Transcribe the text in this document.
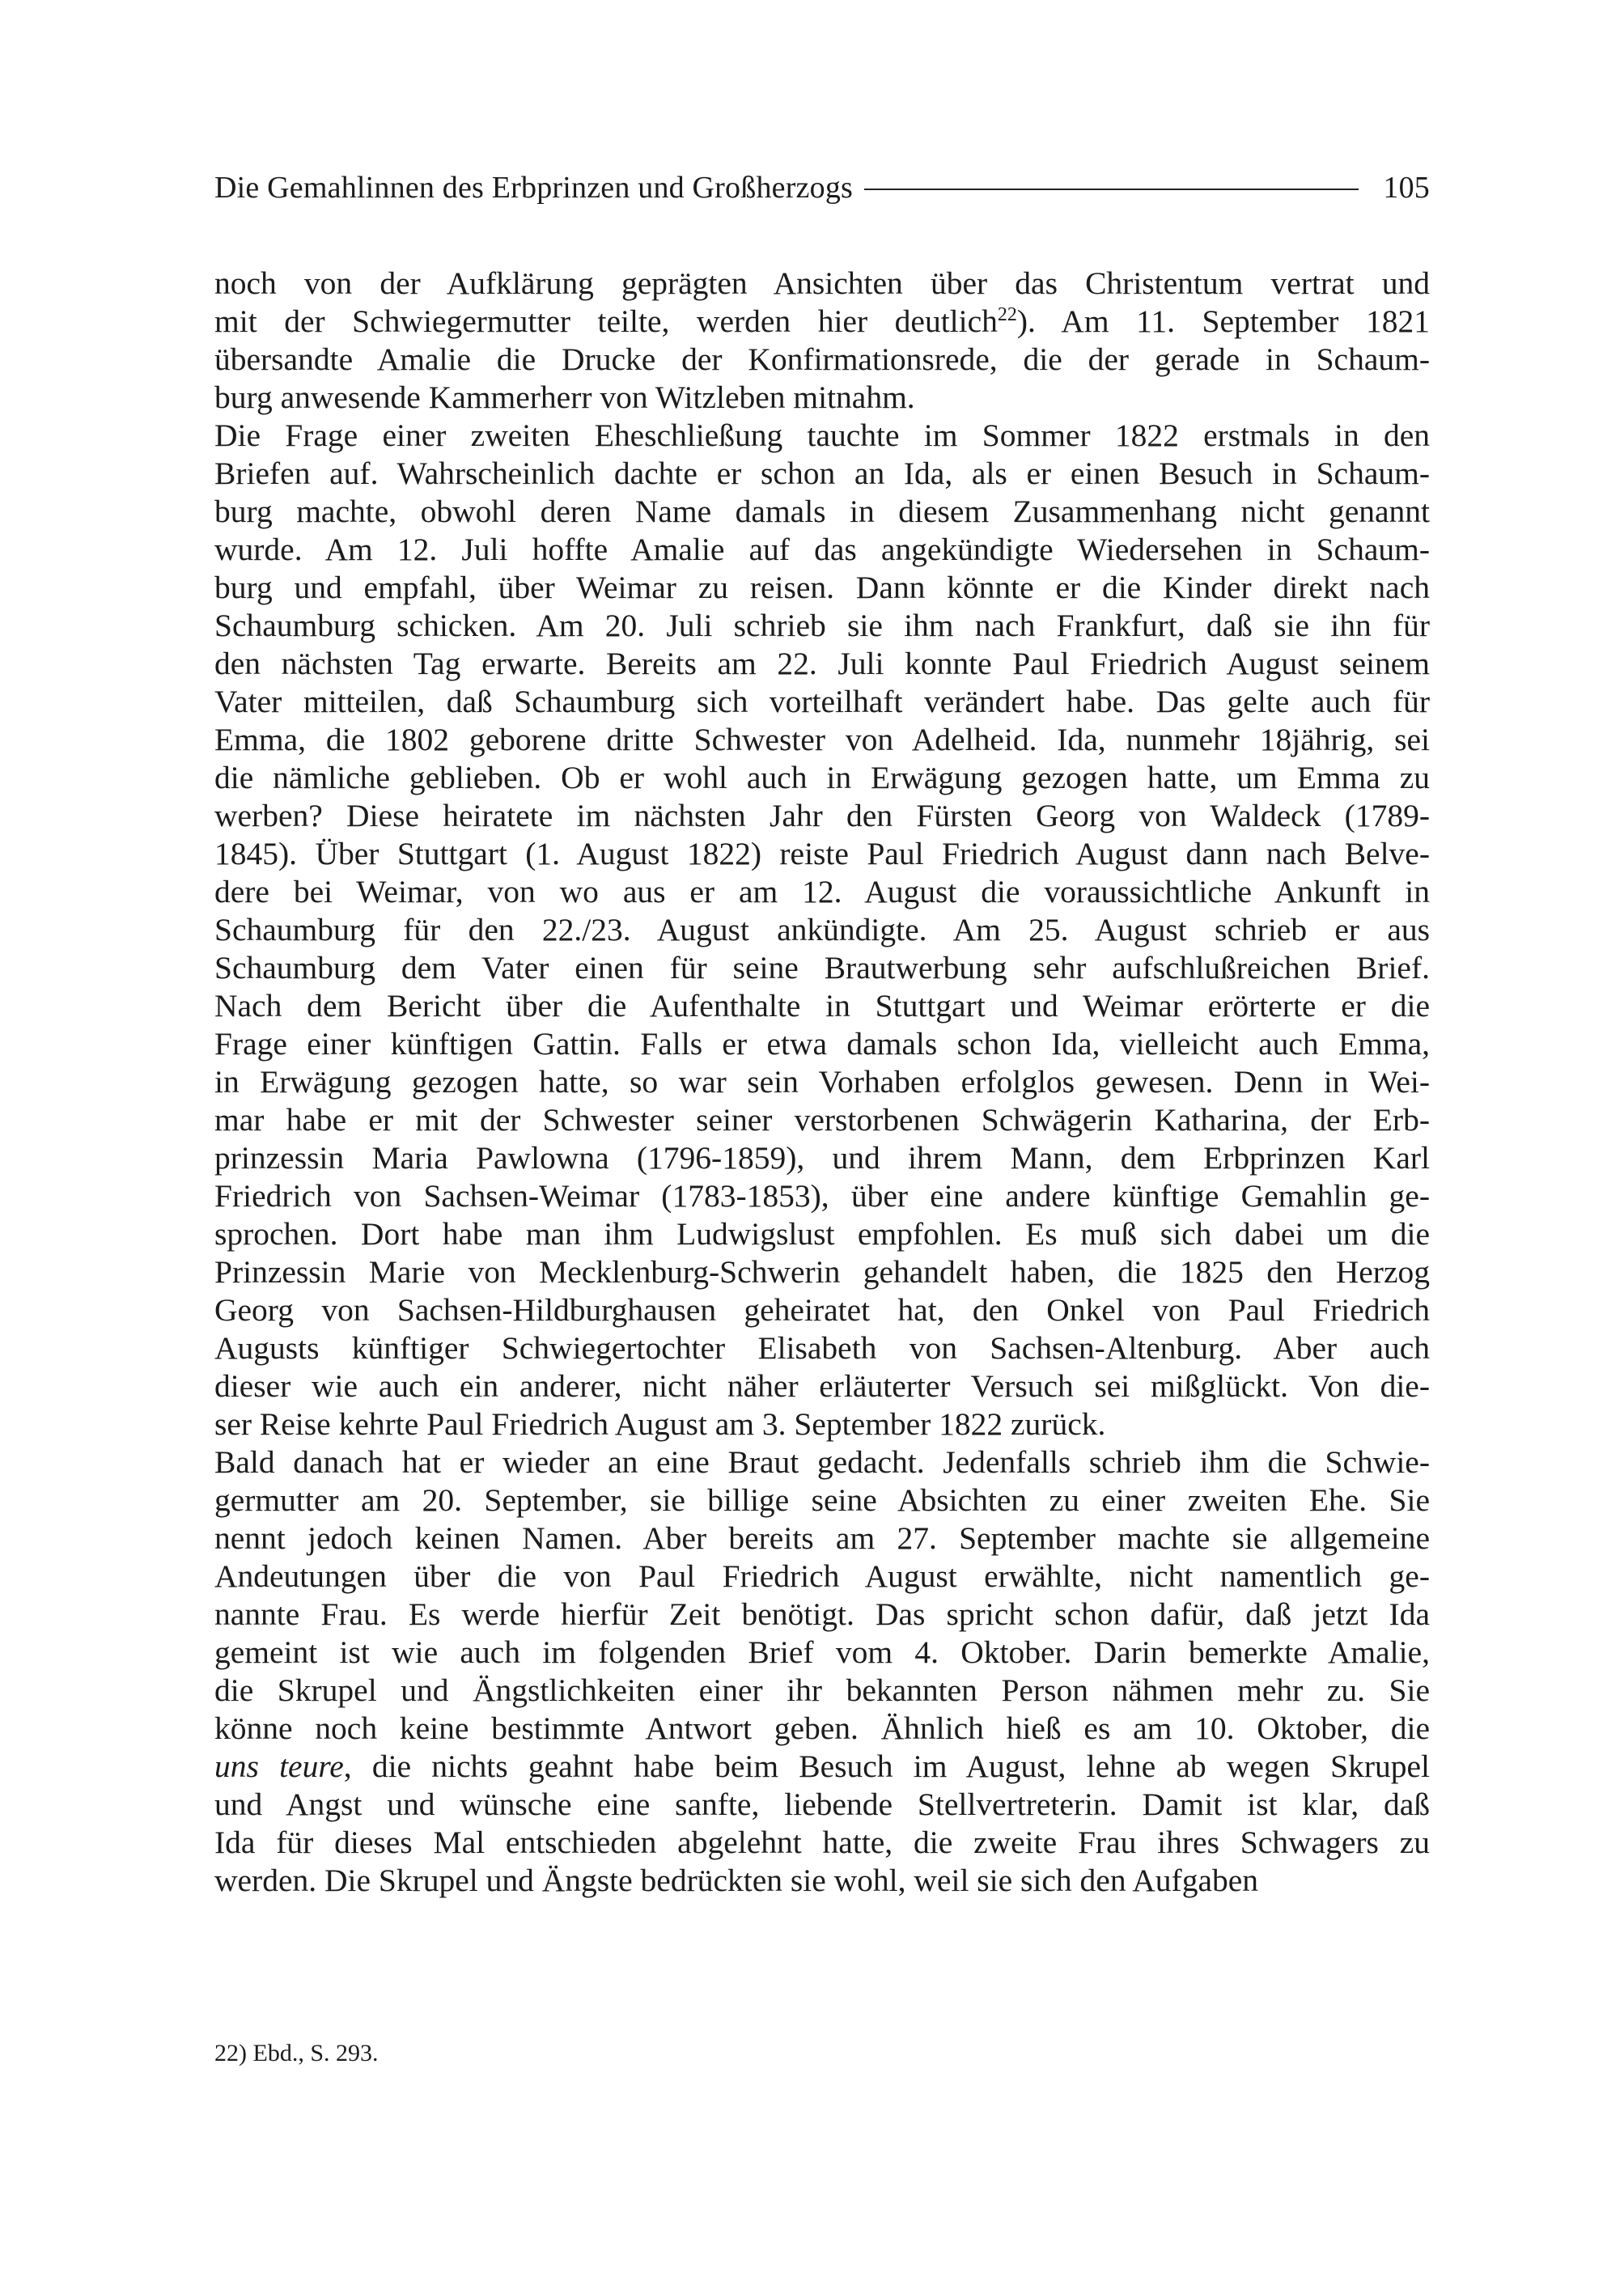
Die Gemahlinnen des Erbprinzen und Großherzogs	105

noch von der Aufklärung geprägten Ansichten über das Christentum vertrat und
mit der Schwiegermutter teilte, werden hier deutlich$^{22}$). Am 11. September 1821
übersandte Amalie die Drucke der Konfirmationsrede, die der gerade in Schaum-
burg anwesende Kammerherr von Witzleben mitnahm.

Die Frage einer zweiten Eheschließung tauchte im Sommer 1822 erstmals in den
Briefen auf. Wahrscheinlich dachte er schon an Ida, als er einen Besuch in Schaum-
burg machte, obwohl deren Name damals in diesem Zusammenhang nicht genannt
wurde. Am 12. Juli hoffte Amalie auf das angekündigte Wiedersehen in Schaum-
burg und empfahl, über Weimar zu reisen. Dann könnte er die Kinder direkt nach
Schaumburg schicken. Am 20. Juli schrieb sie ihm nach Frankfurt, daß sie ihn für
den nächsten Tag erwarte. Bereits am 22. Juli konnte Paul Friedrich August seinem
Vater mitteilen, daß Schaumburg sich vorteilhaft verändert habe. Das gelte auch für
Emma, die 1802 geborene dritte Schwester von Adelheid. Ida, nunmehr 18jährig, sei
die nämliche geblieben. Ob er wohl auch in Erwägung gezogen hatte, um Emma zu
werben? Diese heiratete im nächsten Jahr den Fürsten Georg von Waldeck (1789-
1845). Über Stuttgart (1. August 1822) reiste Paul Friedrich August dann nach Belve-
dere bei Weimar, von wo aus er am 12. August die voraussichtliche Ankunft in
Schaumburg für den 22./23. August ankündigte. Am 25. August schrieb er aus
Schaumburg dem Vater einen für seine Brautwerbung sehr aufschlußreichen Brief.
Nach dem Bericht über die Aufenthalte in Stuttgart und Weimar erörterte er die
Frage einer künftigen Gattin. Falls er etwa damals schon Ida, vielleicht auch Emma,
in Erwägung gezogen hatte, so war sein Vorhaben erfolglos gewesen. Denn in Wei-
mar habe er mit der Schwester seiner verstorbenen Schwägerin Katharina, der Erb-
prinzessin Maria Pawlowna (1796-1859), und ihrem Mann, dem Erbprinzen Karl
Friedrich von Sachsen-Weimar (1783-1853), über eine andere künftige Gemahlin ge-
sprochen. Dort habe man ihm Ludwigslust empfohlen. Es muß sich dabei um die
Prinzessin Marie von Mecklenburg-Schwerin gehandelt haben, die 1825 den Herzog
Georg von Sachsen-Hildburghausen geheiratet hat, den Onkel von Paul Friedrich
Augusts künftiger Schwiegertochter Elisabeth von Sachsen-Altenburg. Aber auch
dieser wie auch ein anderer, nicht näher erläuterter Versuch sei mißglückt. Von die-
ser Reise kehrte Paul Friedrich August am 3. September 1822 zurück.

Bald danach hat er wieder an eine Braut gedacht. Jedenfalls schrieb ihm die Schwie-
germutter am 20. September, sie billige seine Absichten zu einer zweiten Ehe. Sie
nennt jedoch keinen Namen. Aber bereits am 27. September machte sie allgemeine
Andeutungen über die von Paul Friedrich August erwählte, nicht namentlich ge-
nannte Frau. Es werde hierfür Zeit benötigt. Das spricht schon dafür, daß jetzt Ida
gemeint ist wie auch im folgenden Brief vom 4. Oktober. Darin bemerkte Amalie,
die Skrupel und Ängstlichkeiten einer ihr bekannten Person nähmen mehr zu. Sie
könne noch keine bestimmte Antwort geben. Ähnlich hieß es am 10. Oktober, die
uns teure, die nichts geahnt habe beim Besuch im August, lehne ab wegen Skrupel
und Angst und wünsche eine sanfte, liebende Stellvertreterin. Damit ist klar, daß
Ida für dieses Mal entschieden abgelehnt hatte, die zweite Frau ihres Schwagers zu
werden. Die Skrupel und Ängste bedrückten sie wohl, weil sie sich den Aufgaben

22) Ebd., S. 293.
